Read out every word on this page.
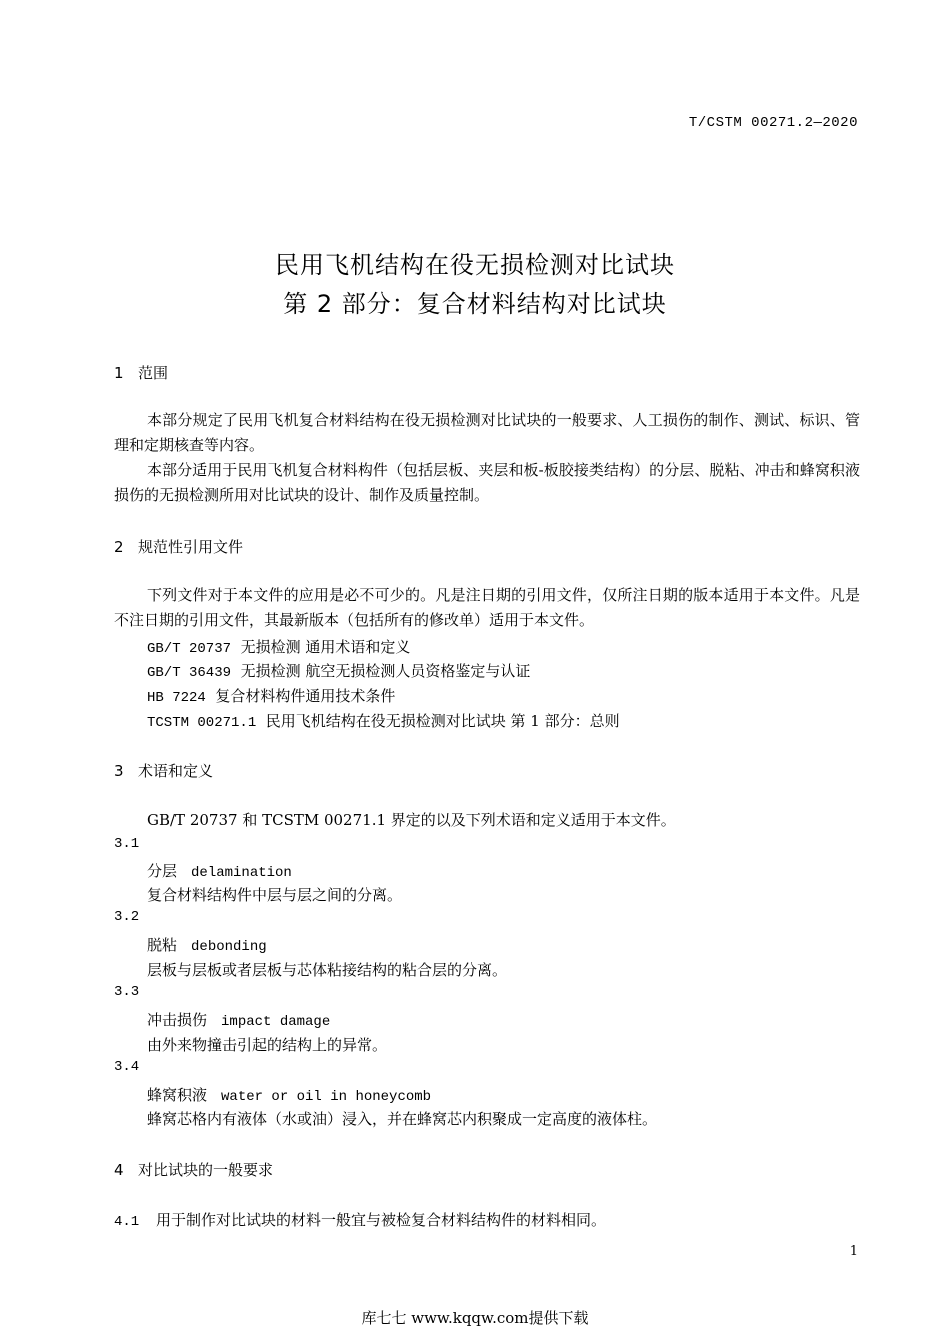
T/CSTM 00271.2—2020
民用飞机结构在役无损检测对比试块
第 2 部分：复合材料结构对比试块
1 范围
本部分规定了民用飞机复合材料结构在役无损检测对比试块的一般要求、人工损伤的制作、测试、标识、管理和定期核查等内容。
本部分适用于民用飞机复合材料构件（包括层板、夹层和板-板胶接类结构）的分层、脱粘、冲击和蜂窝积液损伤的无损检测所用对比试块的设计、制作及质量控制。
2 规范性引用文件
下列文件对于本文件的应用是必不可少的。凡是注日期的引用文件，仅所注日期的版本适用于本文件。凡是不注日期的引用文件，其最新版本（包括所有的修改单）适用于本文件。
GB/T 20737 无损检测 通用术语和定义
GB/T 36439 无损检测 航空无损检测人员资格鉴定与认证
HB 7224 复合材料构件通用技术条件
TCSTM 00271.1 民用飞机结构在役无损检测对比试块 第 1 部分：总则
3 术语和定义
GB/T 20737 和 TCSTM 00271.1 界定的以及下列术语和定义适用于本文件。
3.1
分层 delamination
复合材料结构件中层与层之间的分离。
3.2
脱粘 debonding
层板与层板或者层板与芯体粘接结构的粘合层的分离。
3.3
冲击损伤 impact damage
由外来物撞击引起的结构上的异常。
3.4
蜂窝积液 water or oil in honeycomb
蜂窝芯格内有液体（水或油）浸入，并在蜂窝芯内积聚成一定高度的液体柱。
4 对比试块的一般要求
4.1 用于制作对比试块的材料一般宜与被检复合材料结构件的材料相同。
1
库七七 www.kqqw.com提供下载
